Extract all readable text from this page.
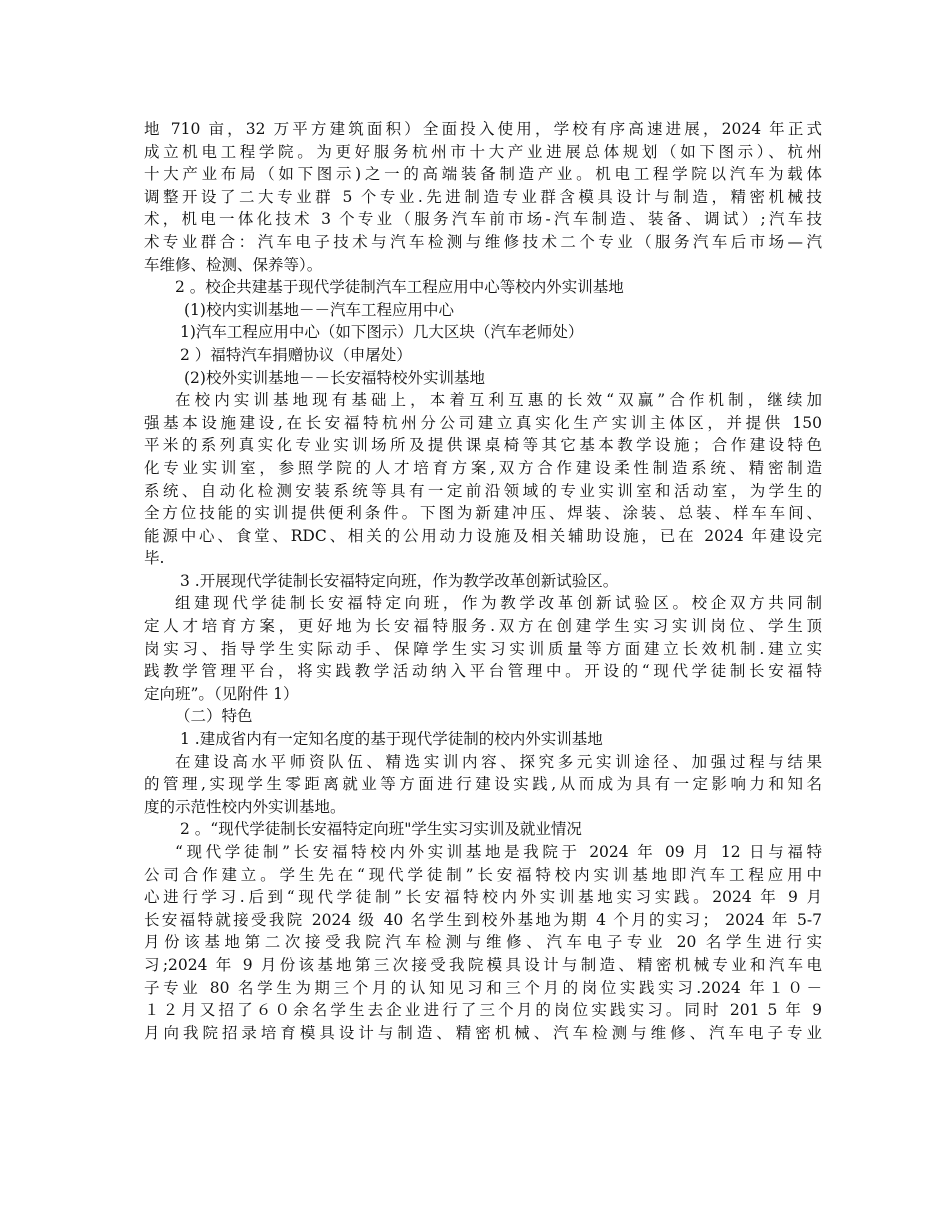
地 710 亩，32 万平方建筑面积）全面投入使用，学校有序高速进展，2024 年正式
成立机电工程学院。为更好服务杭州市十大产业进展总体规划（如下图示）、杭州
十大产业布局（如下图示)之一的高端装备制造产业。机电工程学院以汽车为载体
调整开设了二大专业群 5 个专业.先进制造专业群含模具设计与制造，精密机械技
术，机电一体化技术 3 个专业（服务汽车前市场-汽车制造、装备、调试）;汽车技
术专业群合：汽车电子技术与汽车检测与维修技术二个专业（服务汽车后市场—汽
车维修、检测、保养等）。
2 。校企共建基于现代学徒制汽车工程应用中心等校内外实训基地
(1)校内实训基地－－汽车工程应用中心
1)汽车工程应用中心（如下图示）几大区块（汽车老师处）
2 ）福特汽车捐赠协议（申屠处）
(2)校外实训基地－－长安福特校外实训基地
在校内实训基地现有基础上，本着互利互惠的长效“双赢”合作机制，继续加
强基本设施建设,在长安福特杭州分公司建立真实化生产实训主体区，并提供 150
平米的系列真实化专业实训场所及提供课桌椅等其它基本教学设施；合作建设特色
化专业实训室，参照学院的人才培育方案,双方合作建设柔性制造系统、精密制造
系统、自动化检测安装系统等具有一定前沿领域的专业实训室和活动室，为学生的
全方位技能的实训提供便利条件。下图为新建冲压、焊装、涂装、总装、样车车间、
能源中心、食堂、RDC、相关的公用动力设施及相关辅助设施，已在 2024 年建设完
毕.
3 .开展现代学徒制长安福特定向班，作为教学改革创新试验区。
组建现代学徒制长安福特定向班，作为教学改革创新试验区。校企双方共同制
定人才培育方案，更好地为长安福特服务.双方在创建学生实习实训岗位、学生顶
岗实习、指导学生实际动手、保障学生实习实训质量等方面建立长效机制.建立实
践教学管理平台，将实践教学活动纳入平台管理中。开设的“现代学徒制长安福特
定向班”。（见附件 1）
（二）特色
1 .建成省内有一定知名度的基于现代学徒制的校内外实训基地
在建设高水平师资队伍、精选实训内容、探究多元实训途径、加强过程与结果
的管理,实现学生零距离就业等方面进行建设实践,从而成为具有一定影响力和知名
度的示范性校内外实训基地。
2 。“现代学徒制长安福特定向班"学生实习实训及就业情况
“现代学徒制”长安福特校内外实训基地是我院于 2024 年 09 月 12 日与福特
公司合作建立。学生先在“现代学徒制”长安福特校内实训基地即汽车工程应用中
心进行学习.后到“现代学徒制”长安福特校内外实训基地实习实践。2024 年 9 月
长安福特就接受我院 2024 级 40 名学生到校外基地为期 4 个月的实习； 2024 年 5-7
月份该基地第二次接受我院汽车检测与维修、汽车电子专业 20 名学生进行实
习;2024 年 9 月份该基地第三次接受我院模具设计与制造、精密机械专业和汽车电
子专业 80 名学生为期三个月的认知见习和三个月的岗位实践实习.2024 年１０－
１２月又招了６０余名学生去企业进行了三个月的岗位实践实习。同时 201 5 年 9
月向我院招录培育模具设计与制造、精密机械、汽车检测与维修、汽车电子专业
